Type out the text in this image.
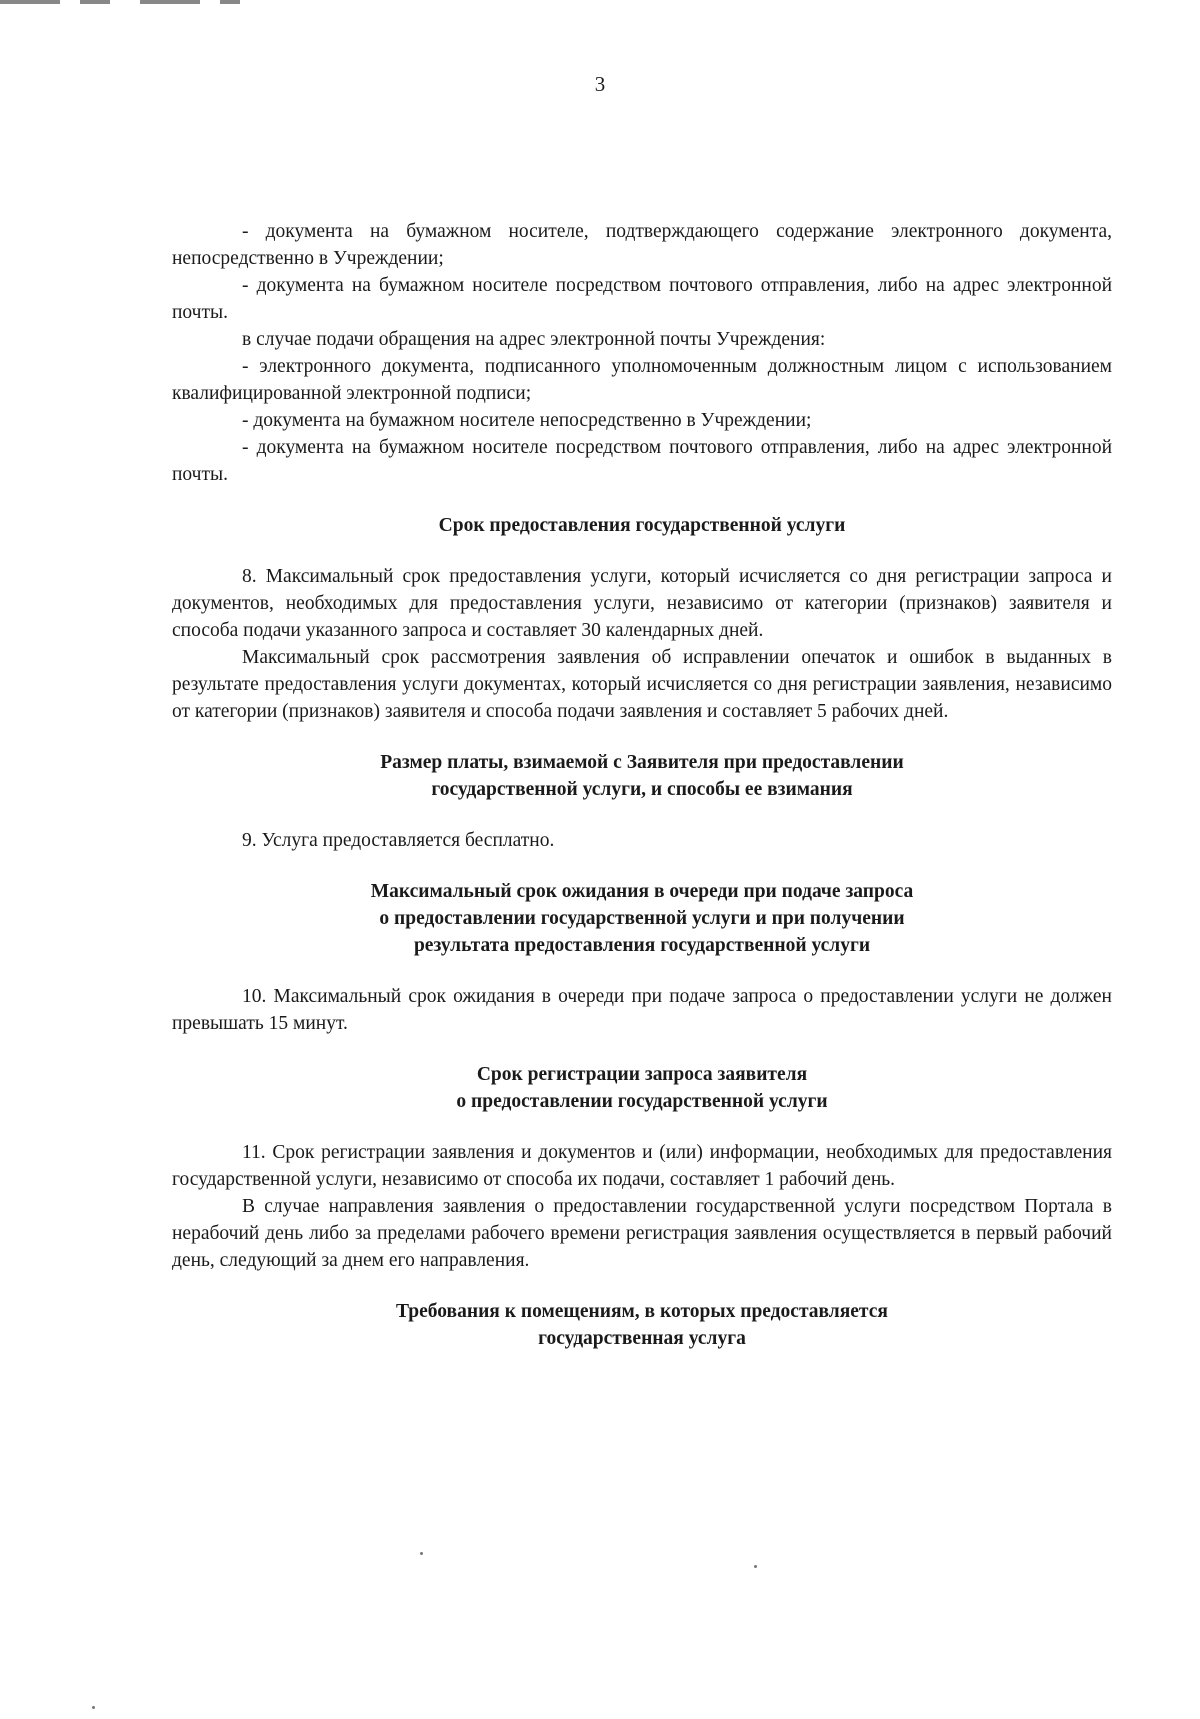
3

- документа на бумажном носителе, подтверждающего содержание электронного документа, непосредственно в Учреждении;

- документа на бумажном носителе посредством почтового отправления, либо на адрес электронной почты.

в случае подачи обращения на адрес электронной почты Учреждения:

- электронного документа, подписанного уполномоченным должностным лицом с использованием квалифицированной электронной подписи;

- документа на бумажном носителе непосредственно в Учреждении;

- документа на бумажном носителе посредством почтового отправления, либо на адрес электронной почты.

Срок предоставления государственной услуги

8. Максимальный срок предоставления услуги, который исчисляется со дня регистрации запроса и документов, необходимых для предоставления услуги, независимо от категории (признаков) заявителя и способа подачи указанного запроса и составляет 30 календарных дней.

Максимальный срок рассмотрения заявления об исправлении опечаток и ошибок в выданных в результате предоставления услуги документах, который исчисляется со дня регистрации заявления, независимо от категории (признаков) заявителя и способа подачи заявления и составляет 5 рабочих дней.

Размер платы, взимаемой с Заявителя при предоставлении
государственной услуги, и способы ее взимания

9. Услуга предоставляется бесплатно.

Максимальный срок ожидания в очереди при подаче запроса
о предоставлении государственной услуги и при получении
результата предоставления государственной услуги

10. Максимальный срок ожидания в очереди при подаче запроса о предоставлении услуги не должен превышать 15 минут.

Срок регистрации запроса заявителя
о предоставлении государственной услуги

11. Срок регистрации заявления и документов и (или) информации, необходимых для предоставления государственной услуги, независимо от способа их подачи, составляет 1 рабочий день.

В случае направления заявления о предоставлении государственной услуги посредством Портала в нерабочий день либо за пределами рабочего времени регистрация заявления осуществляется в первый рабочий день, следующий за днем его направления.

Требования к помещениям, в которых предоставляется
государственная услуга
